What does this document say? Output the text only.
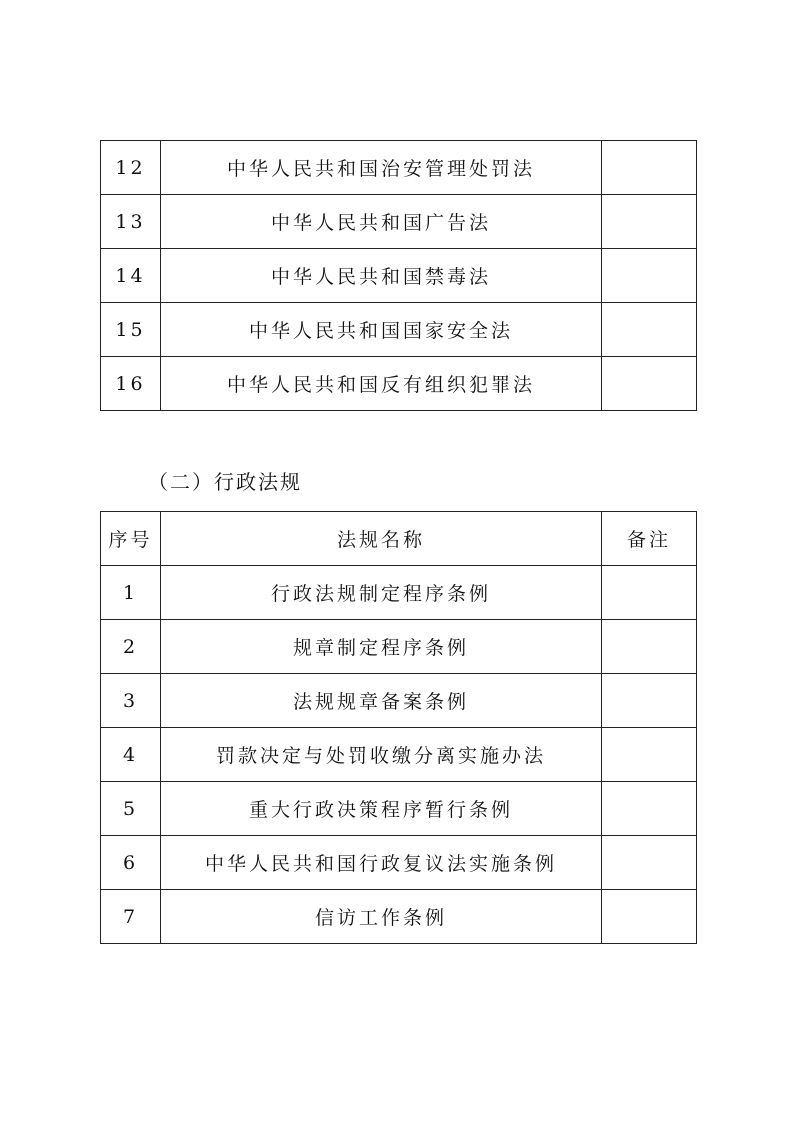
12	中华人民共和国治安管理处罚法	
13	中华人民共和国广告法	
14	中华人民共和国禁毒法	
15	中华人民共和国国家安全法	
16	中华人民共和国反有组织犯罪法	
（二）行政法规
序号	法规名称	备注
1	行政法规制定程序条例	
2	规章制定程序条例	
3	法规规章备案条例	
4	罚款决定与处罚收缴分离实施办法	
5	重大行政决策程序暂行条例	
6	中华人民共和国行政复议法实施条例	
7	信访工作条例	
